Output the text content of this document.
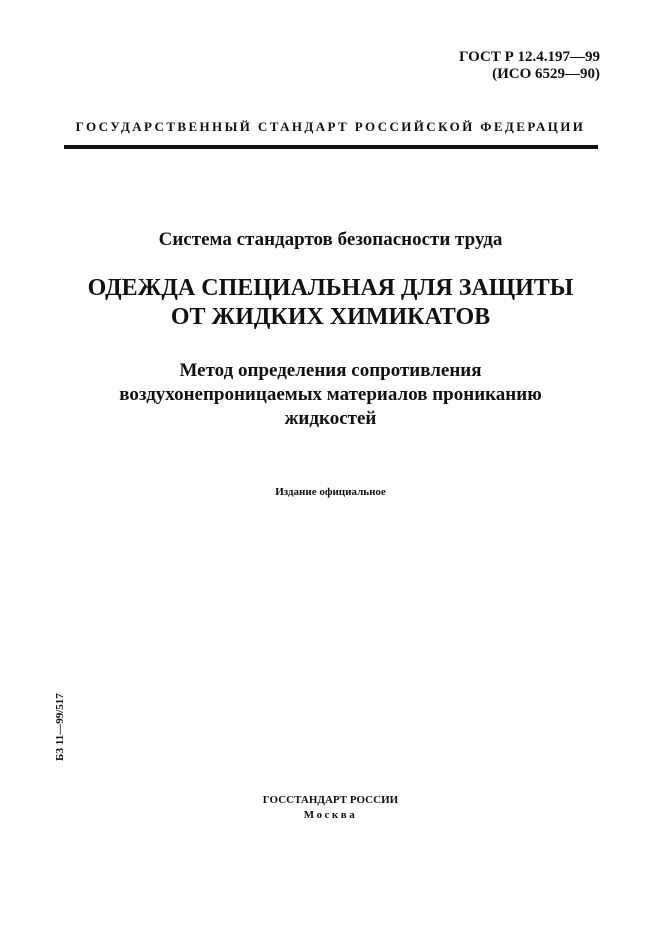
ГОСТ Р 12.4.197—99
(ИСО 6529—90)
ГОСУДАРСТВЕННЫЙ СТАНДАРТ РОССИЙСКОЙ ФЕДЕРАЦИИ
Система стандартов безопасности труда
ОДЕЖДА СПЕЦИАЛЬНАЯ ДЛЯ ЗАЩИТЫ
ОТ ЖИДКИХ ХИМИКАТОВ
Метод определения сопротивления
воздухонепроницаемых материалов прониканию
жидкостей
Издание официальное
БЗ 11—99/517
ГОССТАНДАРТ РОССИИ
Москва
